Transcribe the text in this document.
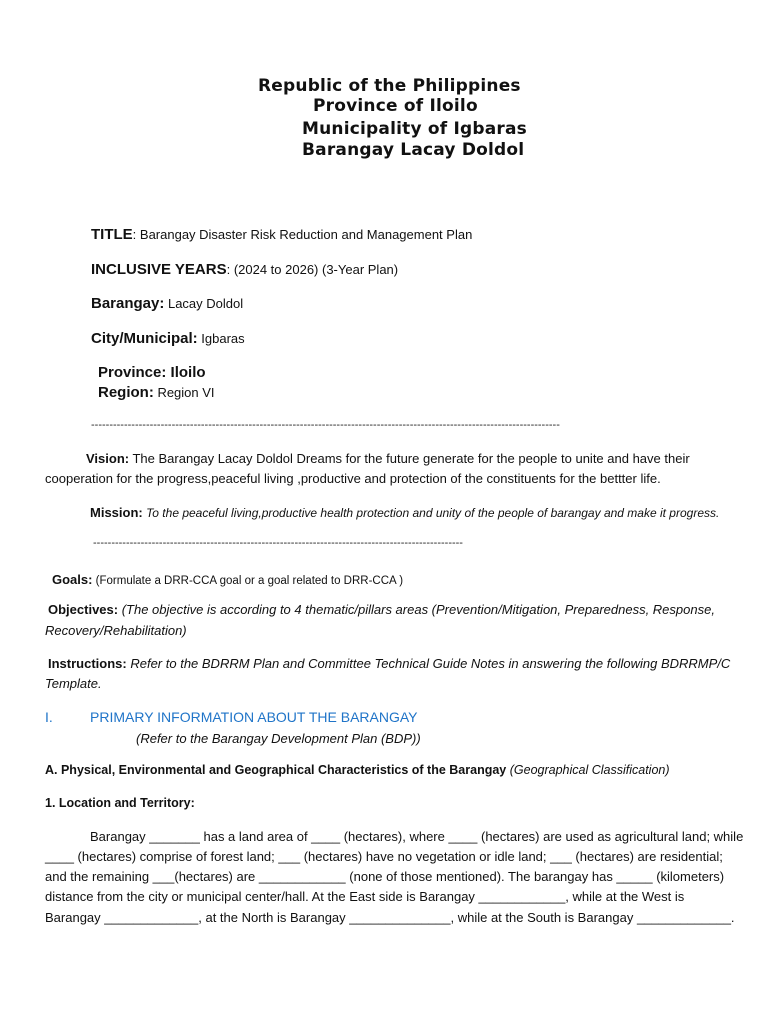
Republic of the Philippines
Province of Iloilo
Municipality of Igbaras
Barangay Lacay Doldol
TITLE: Barangay Disaster Risk Reduction and Management Plan
INCLUSIVE YEARS: (2024 to 2026) (3-Year Plan)
Barangay: Lacay Doldol
City/Municipal: Igbaras
Province: Iloilo
Region: Region VI
--------------------------------------------------------------------------------------------------------------------------------
Vision: The Barangay Lacay Doldol Dreams for the future generate for the people to unite and have their
cooperation for the progress,peaceful living ,productive and protection of the constituents for the bettter life.
Mission: To the peaceful living,productive health protection and unity of the people of barangay and make it progress.
-----------------------------------------------------------------------------------------------------
Goals: (Formulate a DRR-CCA goal or a goal related to DRR-CCA )
Objectives: (The objective is according to 4 thematic/pillars areas (Prevention/Mitigation, Preparedness, Response,
Recovery/Rehabilitation)
Instructions: Refer to the BDRRM Plan and Committee Technical Guide Notes in answering the following BDRRMP/C
Template.
I.	PRIMARY INFORMATION ABOUT THE BARANGAY
(Refer to the Barangay Development Plan (BDP))
A. Physical, Environmental and Geographical Characteristics of the Barangay (Geographical Classification)
1. Location and Territory:
Barangay _______ has a land area of ____ (hectares), where ____ (hectares) are used as agricultural land; while
____ (hectares) comprise of forest land; ___ (hectares) have no vegetation or idle land; ___ (hectares) are residential;
and the remaining ___(hectares) are ____________ (none of those mentioned). The barangay has _____ (kilometers)
distance from the city or municipal center/hall. At the East side is Barangay ____________, while at the West is
Barangay _____________, at the North is Barangay ______________, while at the South is Barangay _____________.
